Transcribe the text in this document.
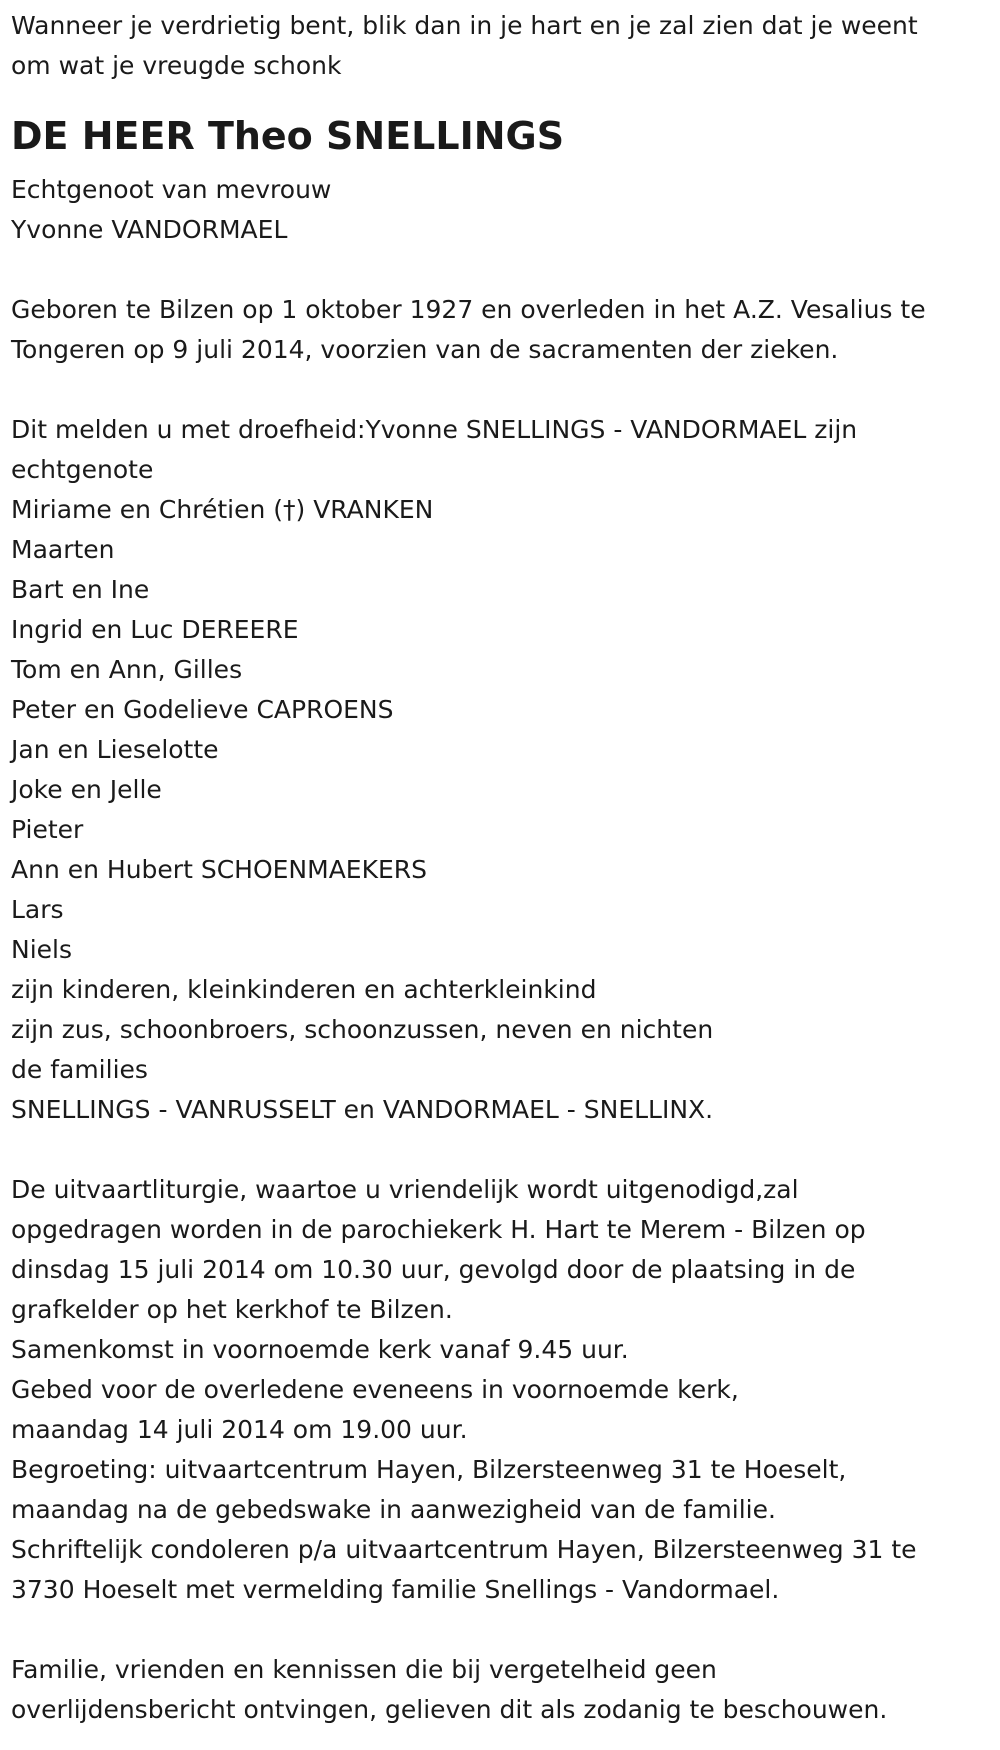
Wanneer je verdrietig bent, blik dan in je hart en je zal zien dat je weent
om wat je vreugde schonk
DE HEER Theo SNELLINGS
Echtgenoot van mevrouw
Yvonne VANDORMAEL
Geboren te Bilzen op 1 oktober 1927 en overleden in het A.Z. Vesalius te
Tongeren op 9 juli 2014, voorzien van de sacramenten der zieken.
Dit melden u met droefheid:Yvonne SNELLINGS - VANDORMAEL zijn
echtgenote
Miriame en Chrétien (†) VRANKEN
Maarten
Bart en Ine
Ingrid en Luc DEREERE
Tom en Ann, Gilles
Peter en Godelieve CAPROENS
Jan en Lieselotte
Joke en Jelle
Pieter
Ann en Hubert SCHOENMAEKERS
Lars
Niels
zijn kinderen, kleinkinderen en achterkleinkind
zijn zus, schoonbroers, schoonzussen, neven en nichten
de families
SNELLINGS - VANRUSSELT en VANDORMAEL - SNELLINX.
De uitvaartliturgie, waartoe u vriendelijk wordt uitgenodigd,zal
opgedragen worden in de parochiekerk H. Hart te Merem - Bilzen op
dinsdag 15 juli 2014 om 10.30 uur, gevolgd door de plaatsing in de
grafkelder op het kerkhof te Bilzen.
Samenkomst in voornoemde kerk vanaf 9.45 uur.
Gebed voor de overledene eveneens in voornoemde kerk,
maandag 14 juli 2014 om 19.00 uur.
Begroeting: uitvaartcentrum Hayen, Bilzersteenweg 31 te Hoeselt,
maandag na de gebedswake in aanwezigheid van de familie.
Schriftelijk condoleren p/a uitvaartcentrum Hayen, Bilzersteenweg 31 te
3730 Hoeselt met vermelding familie Snellings - Vandormael.
Familie, vrienden en kennissen die bij vergetelheid geen
overlijdensbericht ontvingen, gelieven dit als zodanig te beschouwen.
